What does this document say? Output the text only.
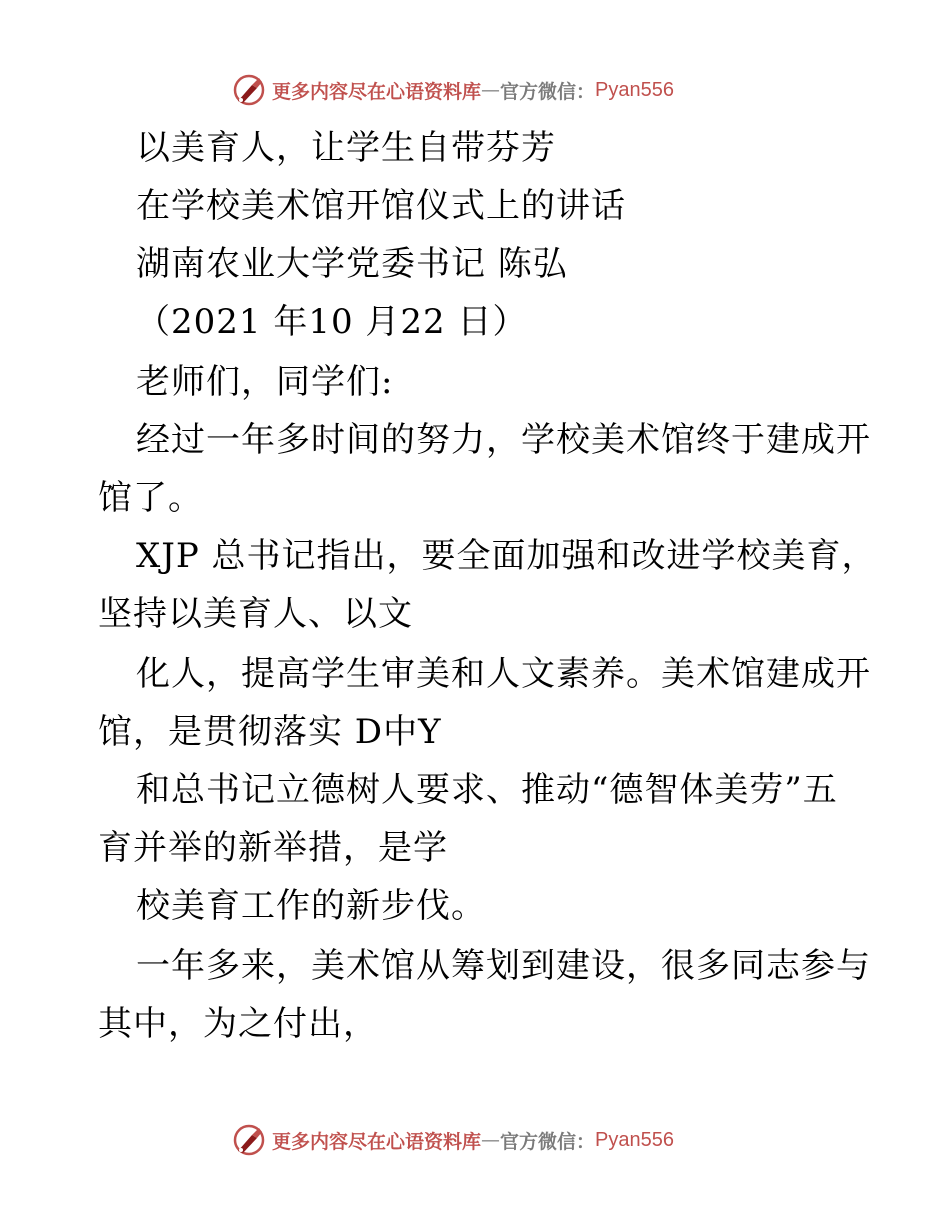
更多内容尽在心语资料库 — 官方微信： Pyan556
以美育人，让学生自带芬芳
在学校美术馆开馆仪式上的讲话
湖南农业大学党委书记 陈弘
（2021 年10 月22 日）
老师们，同学们:
经过一年多时间的努力，学校美术馆终于建成开
馆了。
XJP 总书记指出，要全面加强和改进学校美育，
坚持以美育人、以文
化人，提高学生审美和人文素养。美术馆建成开
馆，是贯彻落实 D中Y
和总书记立德树人要求、推动“德智体美劳”五
育并举的新举措，是学
校美育工作的新步伐。
一年多来，美术馆从筹划到建设，很多同志参与
其中，为之付出，
更多内容尽在心语资料库 — 官方微信： Pyan556
